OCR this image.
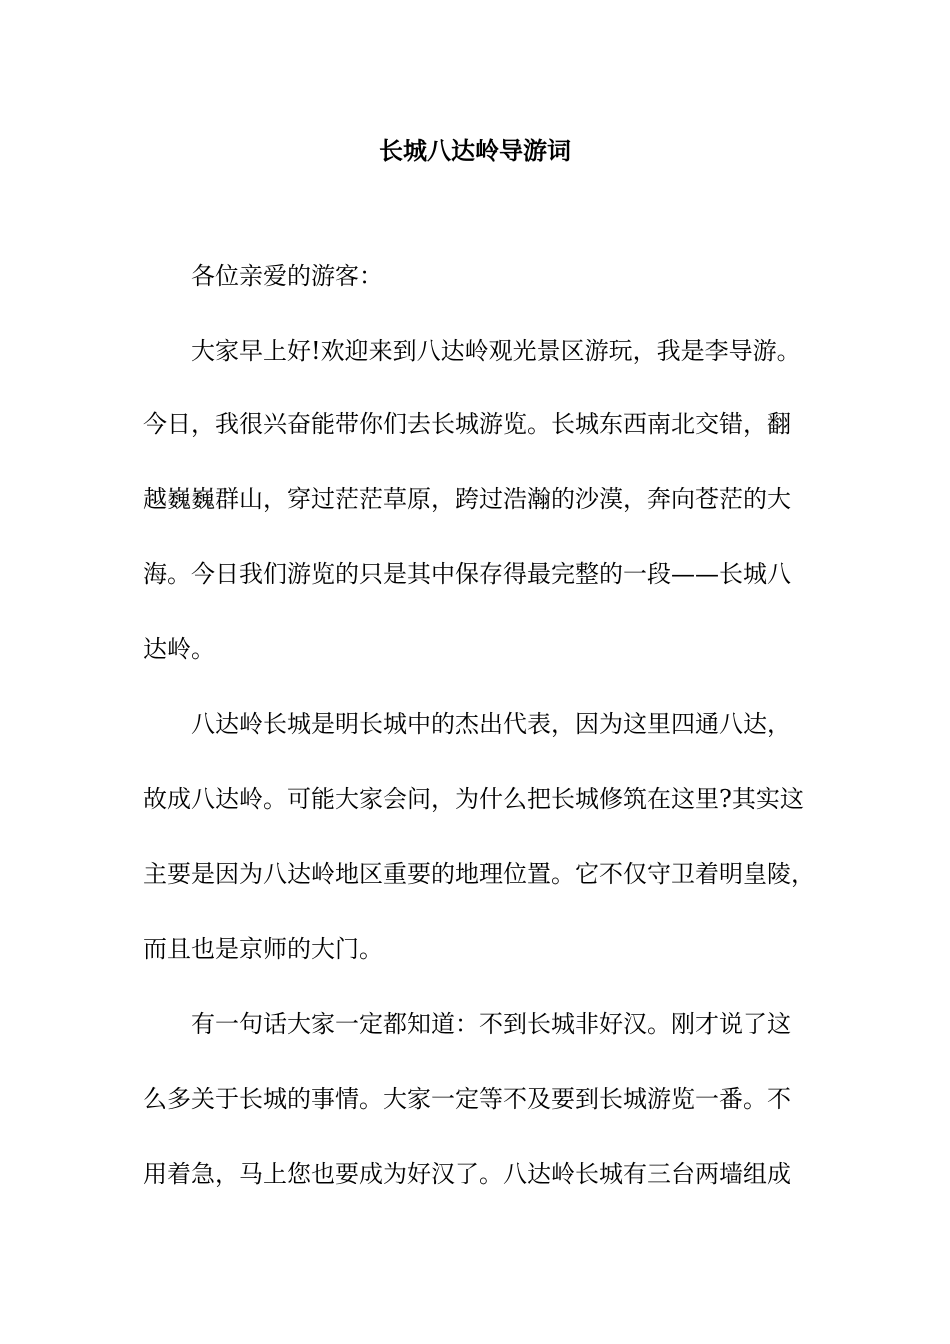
长城八达岭导游词

各位亲爱的游客：

大家早上好!欢迎来到八达岭观光景区游玩，我是李导游。

今日，我很兴奋能带你们去长城游览。长城东西南北交错，翻

越巍巍群山，穿过茫茫草原，跨过浩瀚的沙漠，奔向苍茫的大

海。今日我们游览的只是其中保存得最完整的一段——长城八

达岭。

八达岭长城是明长城中的杰出代表，因为这里四通八达，

故成八达岭。可能大家会问，为什么把长城修筑在这里?其实这

主要是因为八达岭地区重要的地理位置。它不仅守卫着明皇陵，

而且也是京师的大门。

有一句话大家一定都知道：不到长城非好汉。刚才说了这

么多关于长城的事情。大家一定等不及要到长城游览一番。不

用着急，马上您也要成为好汉了。八达岭长城有三台两墙组成
